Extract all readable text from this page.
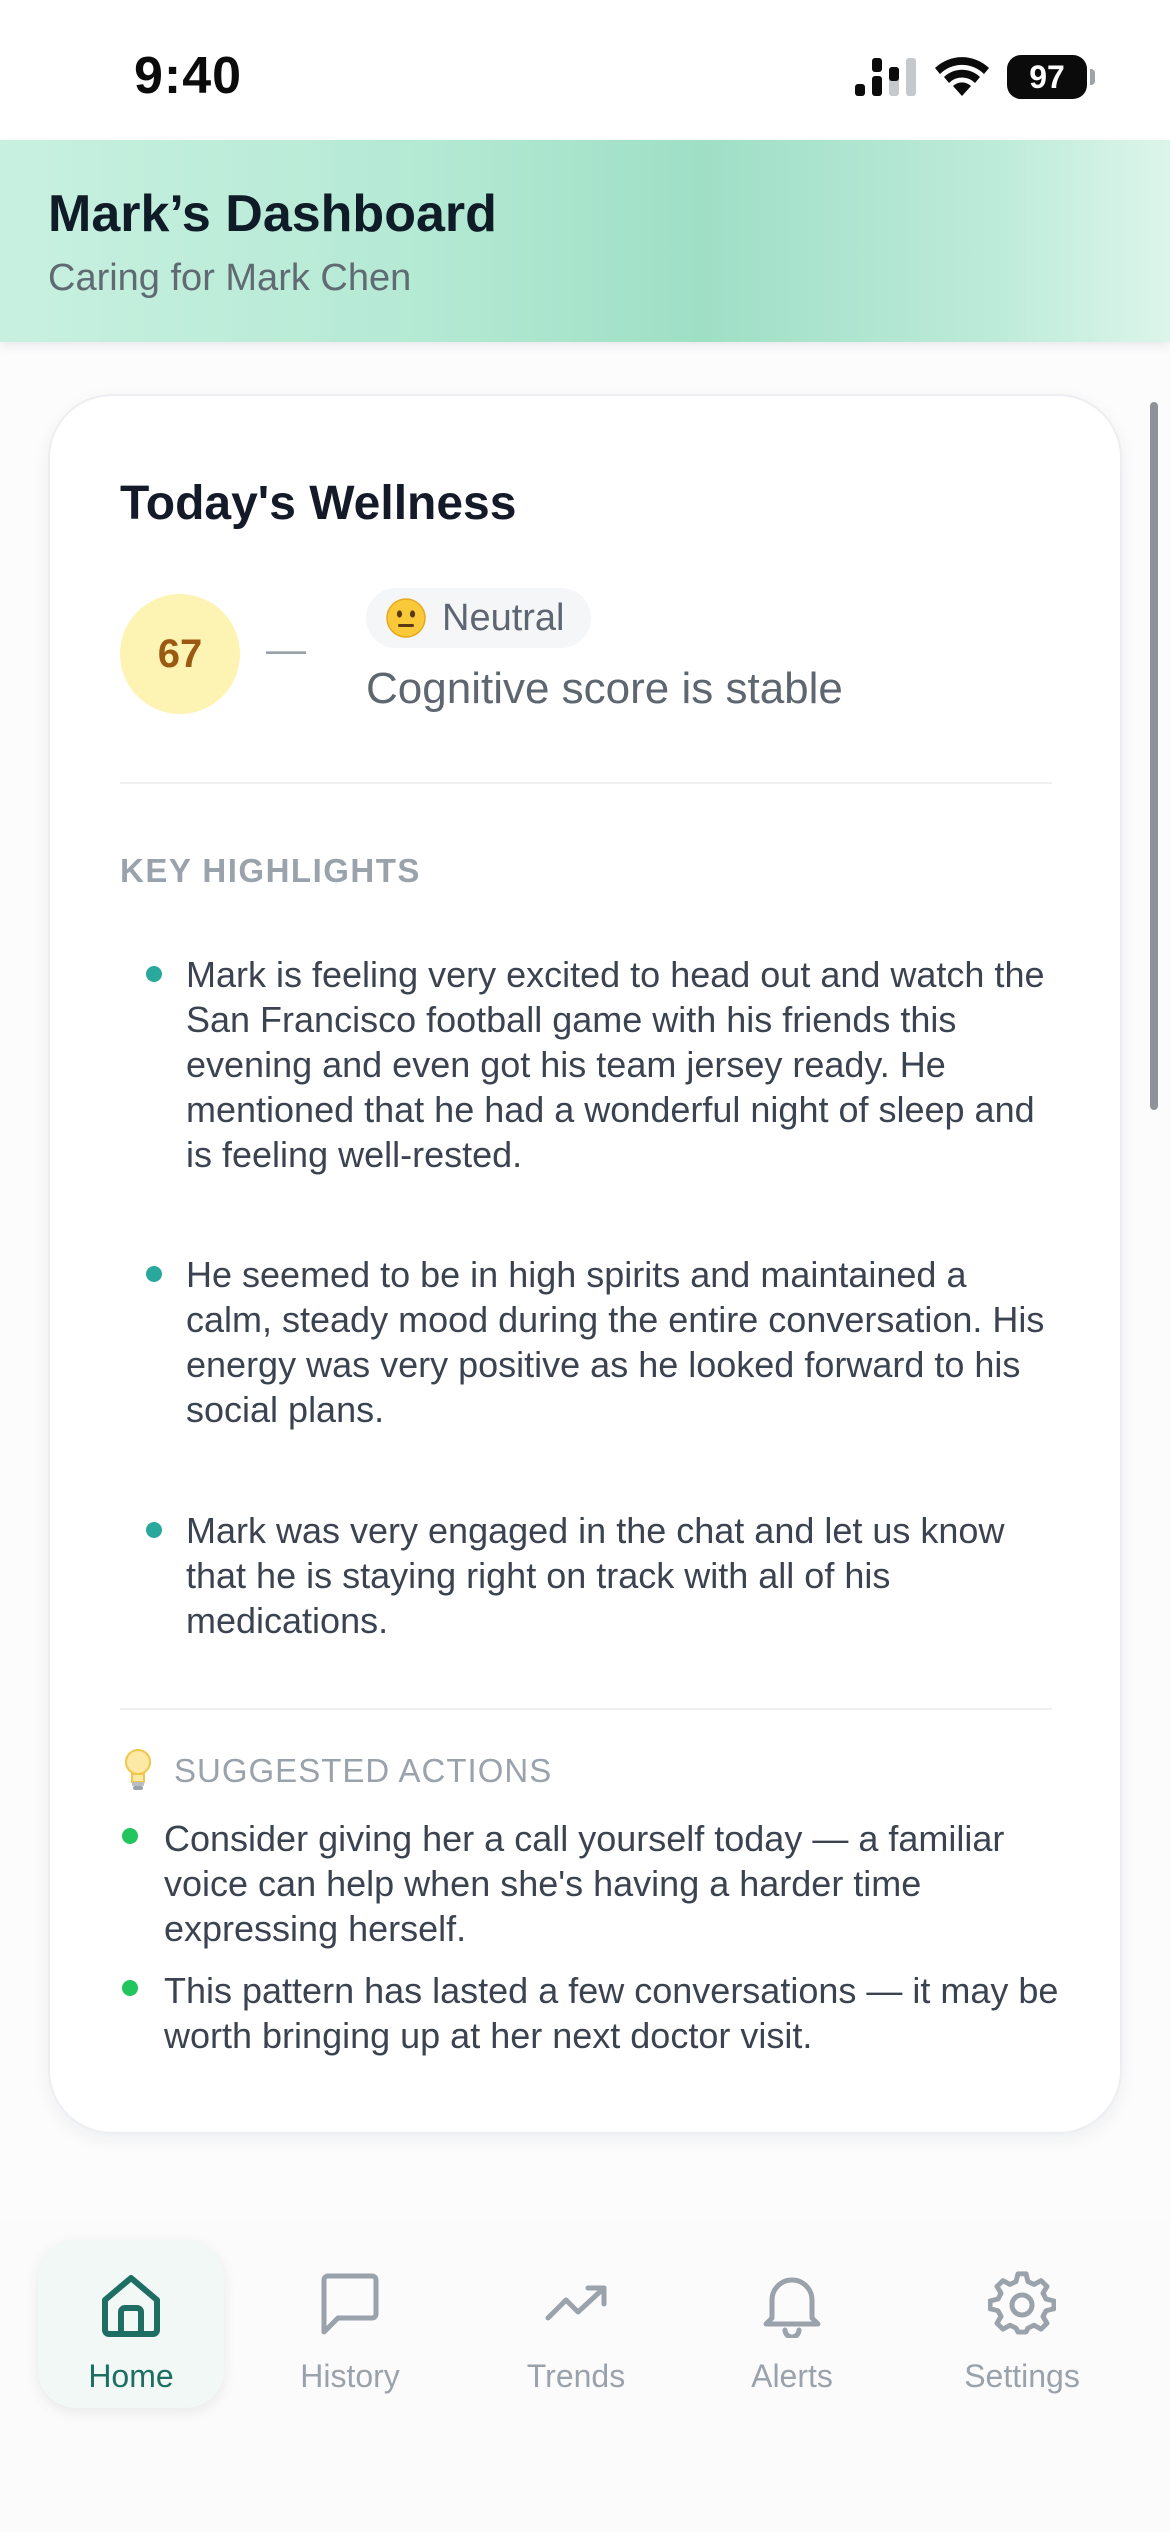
9:40	97
Mark’s Dashboard
Caring for Mark Chen
Today's Wellness
67	—
Neutral
Cognitive score is stable
KEY HIGHLIGHTS
Mark is feeling very excited to head out and watch the San Francisco football game with his friends this evening and even got his team jersey ready. He mentioned that he had a wonderful night of sleep and is feeling well-rested.
He seemed to be in high spirits and maintained a calm, steady mood during the entire conversation. His energy was very positive as he looked forward to his social plans.
Mark was very engaged in the chat and let us know that he is staying right on track with all of his medications.
SUGGESTED ACTIONS
Consider giving her a call yourself today — a familiar voice can help when she's having a harder time expressing herself.
This pattern has lasted a few conversations — it may be worth bringing up at her next doctor visit.
Home	History	Trends	Alerts	Settings
